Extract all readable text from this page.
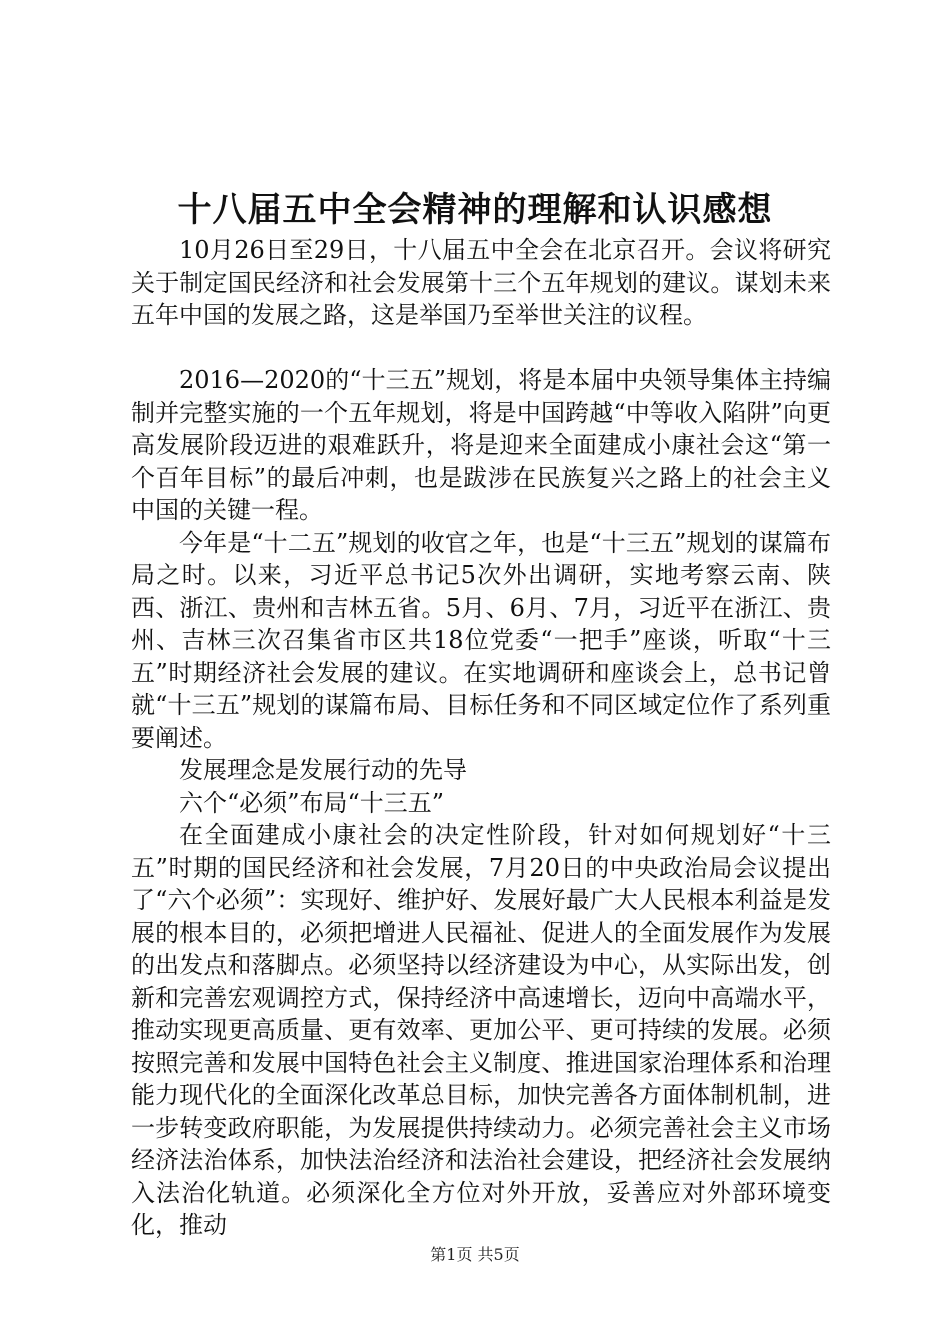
十八届五中全会精神的理解和认识感想

10月26日至29日，十八届五中全会在北京召开。会议将研究关于制定国民经济和社会发展第十三个五年规划的建议。谋划未来五年中国的发展之路，这是举国乃至举世关注的议程。

2016—2020的“十三五”规划，将是本届中央领导集体主持编制并完整实施的一个五年规划，将是中国跨越“中等收入陷阱”向更高发展阶段迈进的艰难跃升，将是迎来全面建成小康社会这“第一个百年目标”的最后冲刺，也是跋涉在民族复兴之路上的社会主义中国的关键一程。

今年是“十二五”规划的收官之年，也是“十三五”规划的谋篇布局之时。以来，习近平总书记5次外出调研，实地考察云南、陕西、浙江、贵州和吉林五省。5月、6月、7月，习近平在浙江、贵州、吉林三次召集省市区共18位党委“一把手”座谈，听取“十三五”时期经济社会发展的建议。在实地调研和座谈会上，总书记曾就“十三五”规划的谋篇布局、目标任务和不同区域定位作了系列重要阐述。

发展理念是发展行动的先导

六个“必须”布局“十三五”

在全面建成小康社会的决定性阶段，针对如何规划好“十三五”时期的国民经济和社会发展，7月20日的中央政治局会议提出了“六个必须”：实现好、维护好、发展好最广大人民根本利益是发展的根本目的，必须把增进人民福祉、促进人的全面发展作为发展的出发点和落脚点。必须坚持以经济建设为中心，从实际出发，创新和完善宏观调控方式，保持经济中高速增长，迈向中高端水平，推动实现更高质量、更有效率、更加公平、更可持续的发展。必须按照完善和发展中国特色社会主义制度、推进国家治理体系和治理能力现代化的全面深化改革总目标，加快完善各方面体制机制，进一步转变政府职能，为发展提供持续动力。必须完善社会主义市场经济法治体系，加快法治经济和法治社会建设，把经济社会发展纳入法治化轨道。必须深化全方位对外开放，妥善应对外部环境变化，推动

第1页 共5页
